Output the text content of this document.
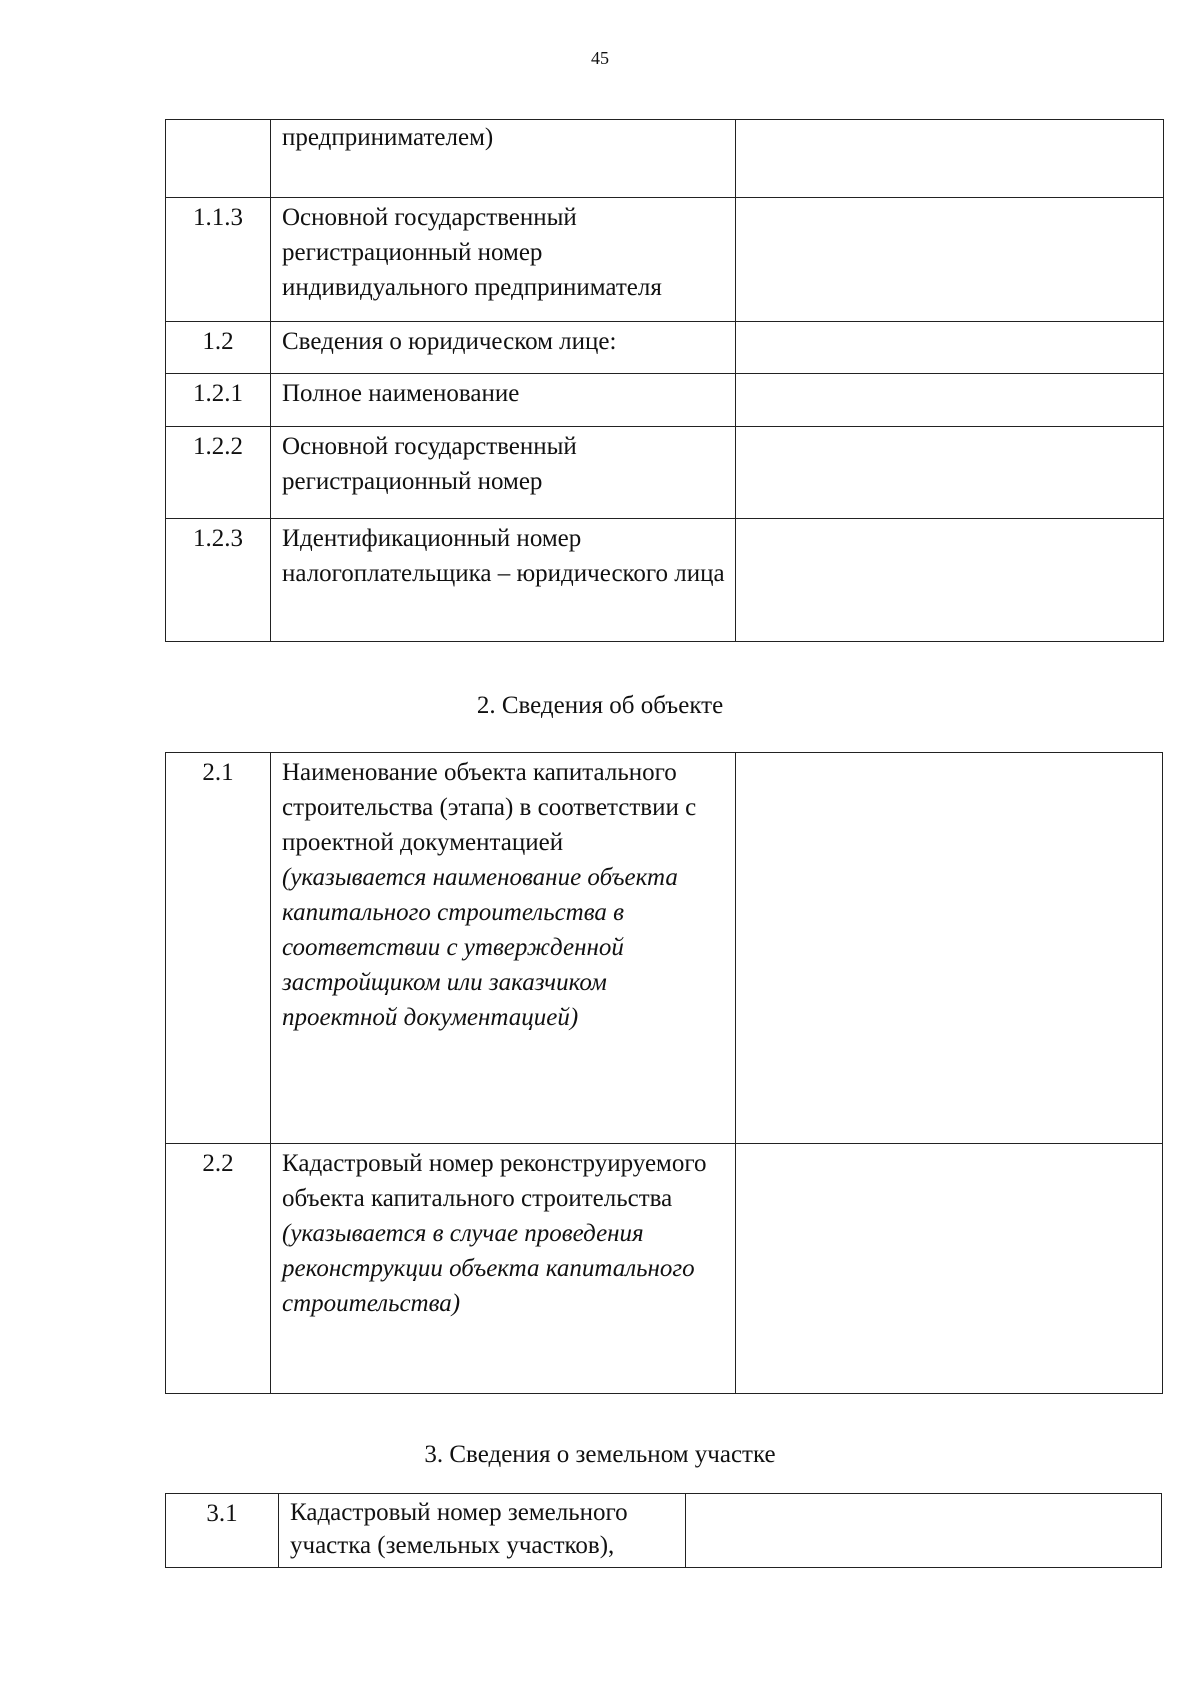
45
	предпринимателем)	
1.1.3	Основной государственный регистрационный номер индивидуального предпринимателя	
1.2	Сведения о юридическом лице:	
1.2.1	Полное наименование	
1.2.2	Основной государственный регистрационный номер	
1.2.3	Идентификационный номер налогоплательщика – юридического лица	
2. Сведения об объекте
2.1	Наименование объекта капитального строительства (этапа) в соответствии с проектной документацией
(указывается наименование объекта капитального строительства в соответствии с утвержденной застройщиком или заказчиком проектной документацией)	

2.2	Кадастровый номер реконструируемого объекта капитального строительства
(указывается в случае проведения реконструкции объекта капитального строительства)	

3. Сведения о земельном участке
3.1	Кадастровый номер земельного участка (земельных участков),	
